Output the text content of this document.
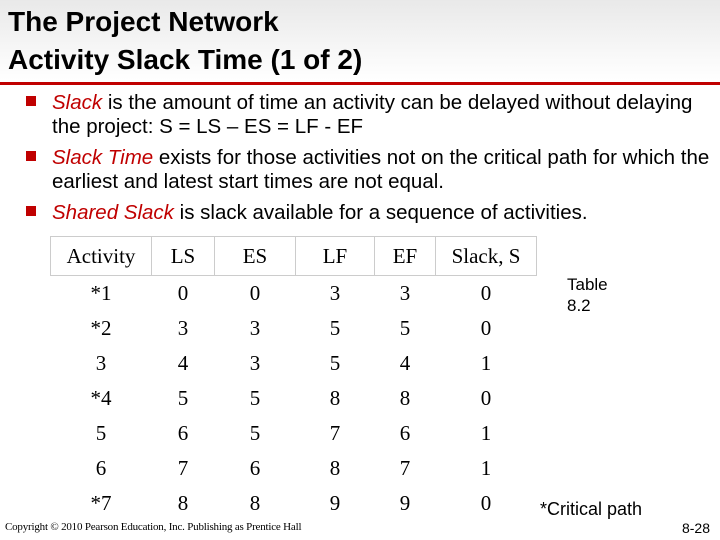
The Project Network
Activity Slack Time (1 of 2)
Slack is the amount of time an activity can be delayed without delaying the project: S = LS – ES = LF - EF
Slack Time exists for those activities not on the critical path for which the earliest and latest start times are not equal.
Shared Slack is slack available for a sequence of activities.
Activity	LS	ES	LF	EF	Slack, S
*1	0	0	3	3	0
*2	3	3	5	5	0
3	4	3	5	4	1
*4	5	5	8	8	0
5	6	5	7	6	1
6	7	6	8	7	1
*7	8	8	9	9	0
Table
8.2
*Critical path
Copyright © 2010 Pearson Education, Inc. Publishing as Prentice Hall	8-28
